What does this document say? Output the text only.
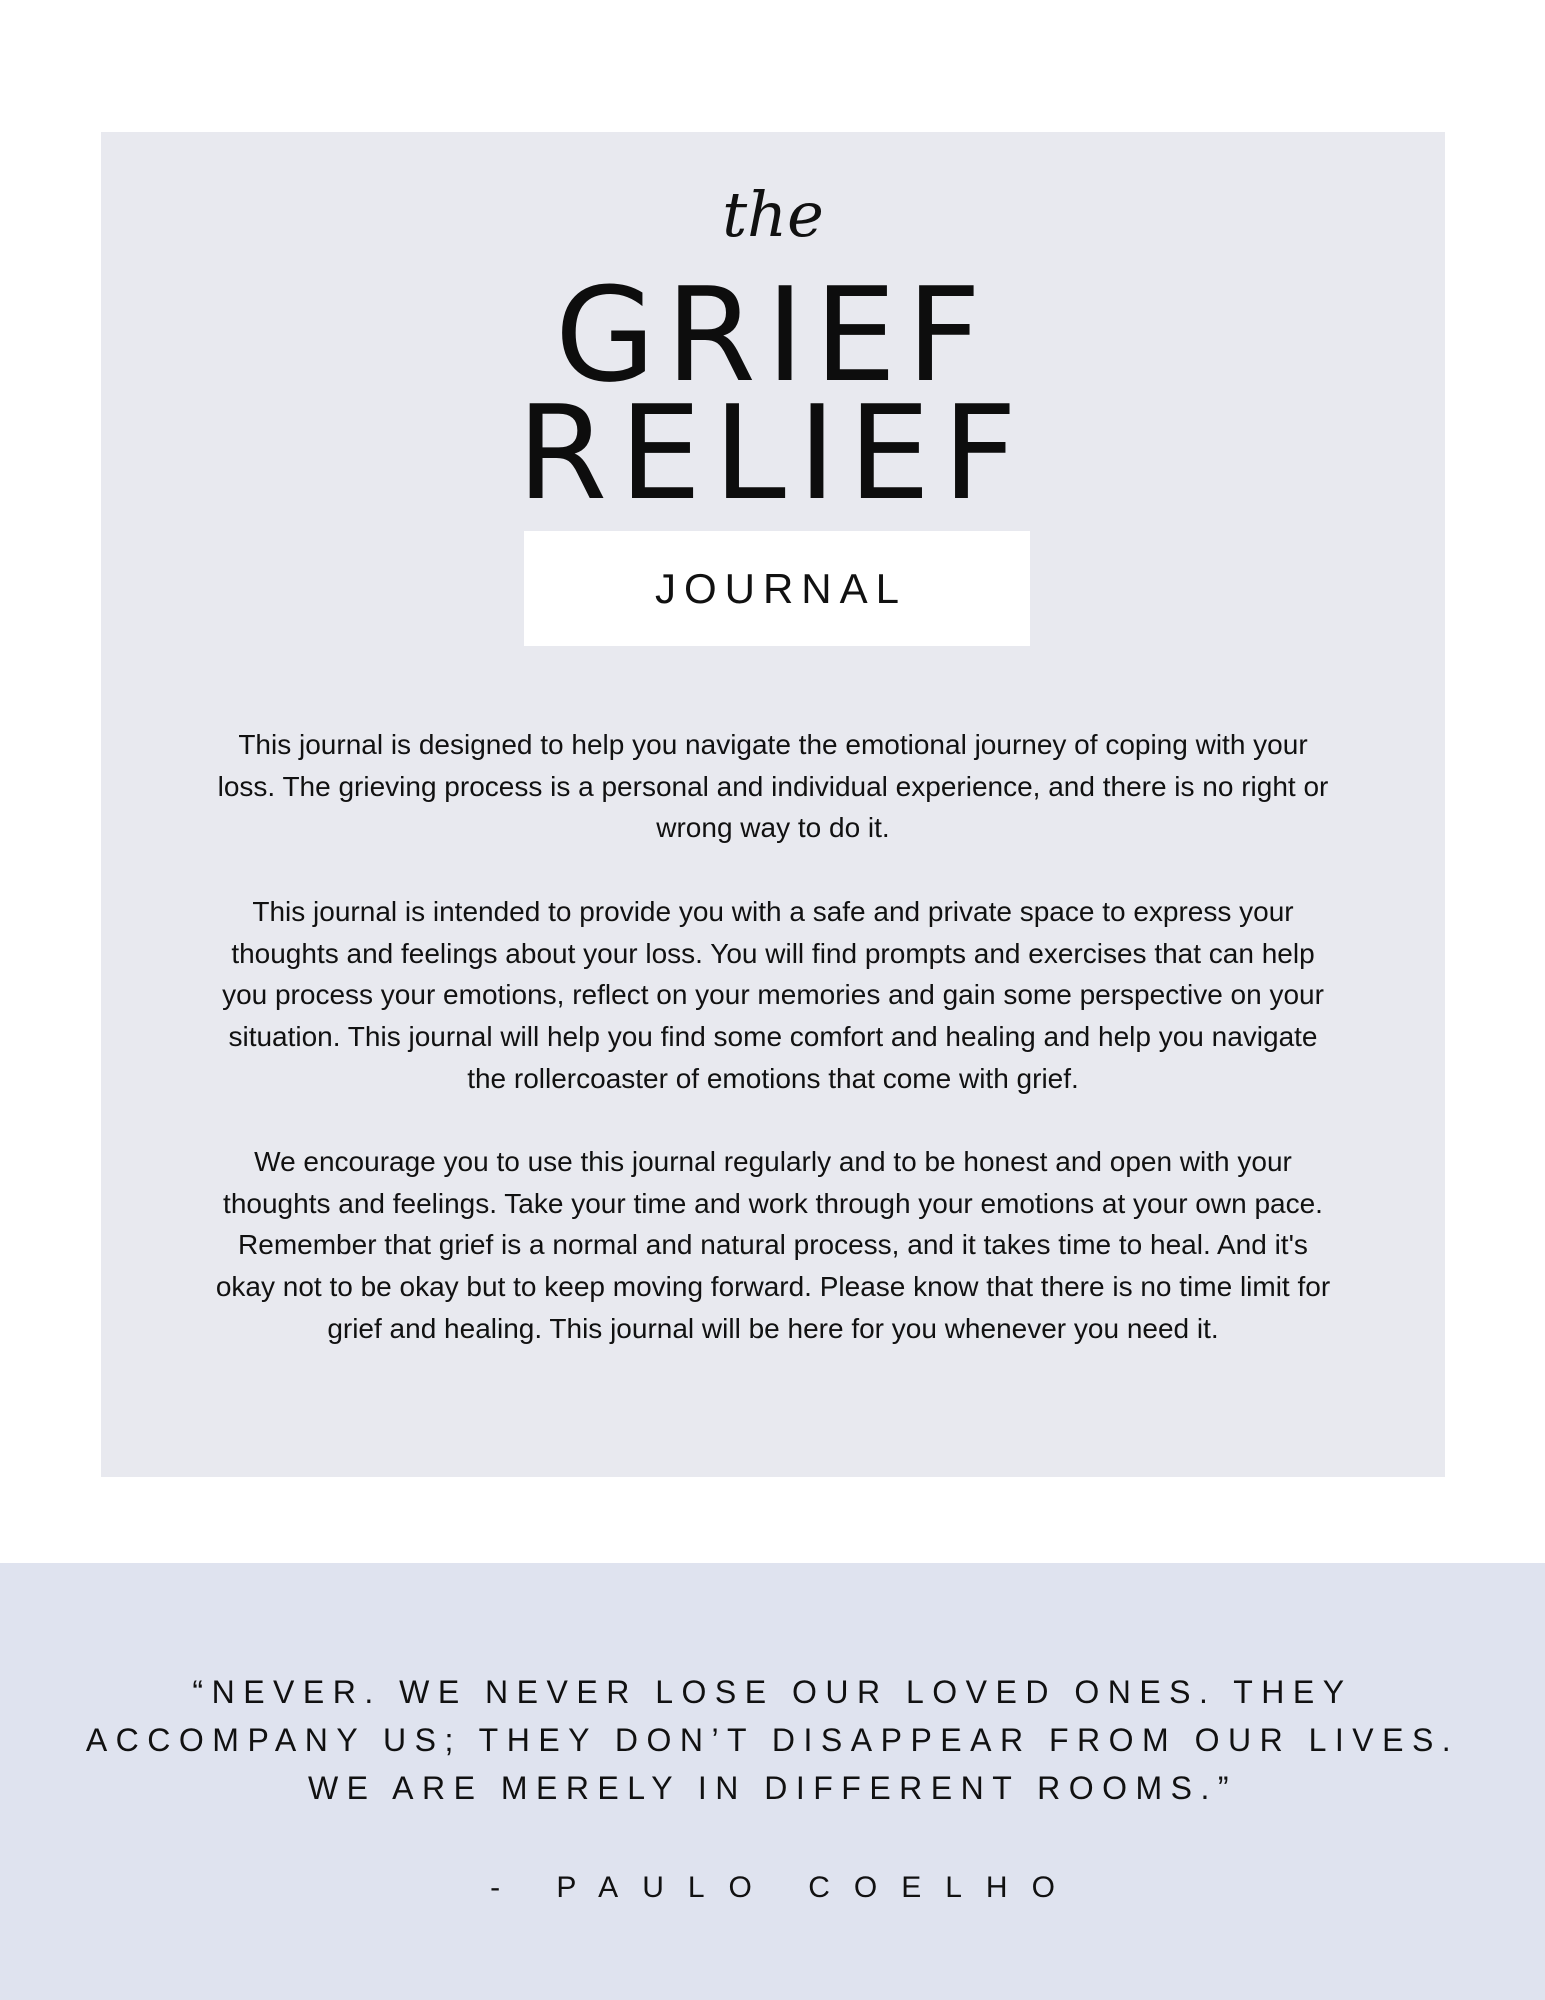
the
GRIEF
RELIEF
JOURNAL

This journal is designed to help you navigate the emotional journey of coping with your loss. The grieving process is a personal and individual experience, and there is no right or wrong way to do it.

This journal is intended to provide you with a safe and private space to express your thoughts and feelings about your loss. You will find prompts and exercises that can help you process your emotions, reflect on your memories and gain some perspective on your situation. This journal will help you find some comfort and healing and help you navigate the rollercoaster of emotions that come with grief.

We encourage you to use this journal regularly and to be honest and open with your thoughts and feelings. Take your time and work through your emotions at your own pace. Remember that grief is a normal and natural process, and it takes time to heal. And it's okay not to be okay but to keep moving forward. Please know that there is no time limit for grief and healing. This journal will be here for you whenever you need it.

“NEVER. WE NEVER LOSE OUR LOVED ONES. THEY ACCOMPANY US; THEY DON’T DISAPPEAR FROM OUR LIVES. WE ARE MERELY IN DIFFERENT ROOMS.”
- PAULO COELHO
